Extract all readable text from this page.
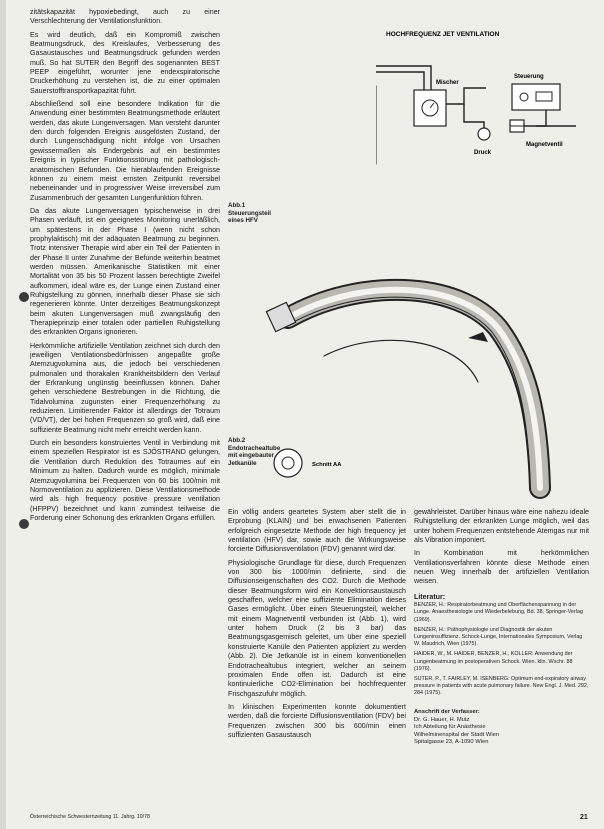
zitätskapazität hypoxiebedingt, auch zu einer Verschlechterung der Ventilationsfunktion.

Es wird deutlich, daß ein Kompromiß zwischen Beatmungsdruck, des Kreislaufes, Verbesserung des Gasaustausches und Beatmungsdruck gefunden werden muß. So hat SUTER den Begriff des sogenannten BEST PEEP eingeführt, worunter jene endexspiratorische Druckerhöhung zu verstehen ist, die zu einer optimalen Sauerstofftransportkapazität führt.

Abschließend soll eine besondere Indikation für die Anwendung einer bestimmten Beatmungsmethode erläutert werden, das akute Lungenversagen. Man versteht darunter den durch folgenden Ereignis ausgelösten Zustand, der durch Lungenschädigung nicht infolge von Ursachen gewissermaßen als Endergebnis auf ein bestimmtes Ereignis in typischer Funktionsstörung mit pathologisch-anatomischen Befunden. Die hierablaufenden Ereignisse können zu einem meist ernsten Zeitpunkt reversibel nebeneinander und in progressiver Weise irreversibel zum Zusammenbruch der gesamten Lungenfunktion führen.

Da das akute Lungenversagen typischerweise in drei Phasen verläuft, ist ein geeignetes Monitoring unerläßlich, um spätestens in der Phase I (wenn nicht schon prophylaktisch) mit der adäquaten Beatmung zu beginnen. Trotz intensiver Therapie wird aber ein Teil der Patienten in der Phase II unter Zunahme der Befunde weiterhin beatmet werden müssen. Amerikanische Statistiken mit einer Mortalität von 35 bis 50 Prozent lassen berechtigte Zweifel aufkommen, ideal wäre es, der Lunge einen Zustand einer Ruhigstellung zu gönnen, innerhalb dieser Phase sie sich regenerieren könnte. Unter derzeitiges Beatmungskonzept beim akuten Lungenversagen muß zwangsläufig den Therapieprinzip einer totalen oder partiellen Ruhigstellung des erkrankten Organs ignorieren.

Herkömmliche artifizielle Ventilation zeichnet sich durch den jeweiligen Ventilationsbedürfnissen angepaßte große Atemzugvolumina aus, die jedoch bei verschiedenen pulmonalen und thorakalen Krankheitsbildern den Verlauf der Erkrankung ungünstig beeinflussen können. Daher gehen verschiedene Bestrebungen in die Richtung, die Tidalvolumina zugunsten einer Frequenzerhöhung zu reduzieren. Limitierender Faktor ist allerdings der Totraum (VD/VT), der bei hohen Frequenzen so groß wird, daß eine suffiziente Beatmung nicht mehr erreicht werden kann.

Durch ein besonders konstruiertes Ventil in Verbindung mit einem speziellen Respirator ist es SJÖSTRAND gelungen, die Ventilation durch Reduktion des Totraumes auf ein Minimum zu halten. Dadurch wurde es möglich, minimale Atemzugvolumina bei Frequenzen von 60 bis 100/min mit Normoventilation zu applizieren. Diese Ventilationsmethode wird als high frequency positive pressure ventilation (HFPPV) bezeichnet und kann zumindest teilweise die Forderung einer Schonung des erkrankten Organs erfüllen.

HOCHFREQUENZ JET VENTILATION
Mischer
Steuerung
Druck
Magnetventil
Abb.1
Steuerungsteil
eines HFV
Schnitt AA
Abb.2
Endotrachealtube
mit eingebauter
Jetkanüle

Ein völlig anders geartetes System aber stellt die in Erprobung (KLAIN) und bei erwachsenen Patienten erfolgreich eingesetzte Methode der high frequency jet ventilation (HFV) dar, sowie auch die Wirkungsweise forcierte Diffusionsventilation (FDV) genannt wird dar.

Physiologische Grundlage für diese, durch Frequenzen von 300 bis 1000/min definierte, sind die Diffusionseigenschaften des CO2. Durch die Methode dieser Beatmungsform wird ein Konvektionsaustausch geschaffen, welcher eine suffiziente Elimination dieses Gases ermöglicht. Über einen Steuerungsteil, welcher mit einem Magnetventil verbunden ist (Abb. 1), wird unter hohem Druck (2 bis 3 bar) das Beatmungsgasgemisch geleitet, um über eine speziell konstruierte Kanüle den Patienten appliziert zu werden (Abb. 2). Die Jetkanüle ist in einem konventionellen Endotrachealtubus integriert, welcher an seinem proximalen Ende offen ist. Dadurch ist eine kontinuierliche CO2-Elimination bei hochfrequenter Frischgaszufuhr möglich.

In klinischen Experimenten konnte dokumentiert werden, daß die forcierte Diffusionsventilation (FDV) bei Frequenzen zwischen 300 bis 600/min einen suffizienten Gasaustausch

gewährleistet. Darüber hinaus wäre eine nahezu ideale Ruhigstellung der erkrankten Lunge möglich, weil das unter hohem Frequenzen entstehende Atemgas nur mit als Vibration imponiert.

In Kombination mit herkömmlichen Ventilationsverfahren könnte diese Methode einen neuen Weg innerhalb der artifiziellen Ventilation weisen.

Literatur:

BENZER, H.: Respiratorbeatmung und Oberflächenspannung in der Lunge. Anaesthesiologie und Wiederbelebung, Bd. 38, Springer-Verlag (1969).

BENZER, H.: Pathophysiologie und Diagnostik der akuten Lungeninsuffizienz. Schock-Lunge, Internationales Symposium, Verlag W. Maudrich, Wien (1975).

HAIDER, W., M. HAIDER, BENZER, H., KOLLER: Anwendung der Lungenbeatmung im postoperativen Schock. Wien. klin. Wschr. 88 (1976).

SUTER, P., T. FAIRLEY, M. ISENBERG: Optimum end-expiratory airway pressure in patients with acute pulmonary failure. New Engl. J. Med. 292, 284 (1975).

Anschrift der Verfasser:
Dr. G. Hauer, H. Mutz
Ich Abteilung für Anästhesie
Wilhelminenspital der Stadt Wien
Spitalgasse 23, A-1090 Wien
Österreichische Schwesternzeitung 11. Jahrg. 10/78	21
